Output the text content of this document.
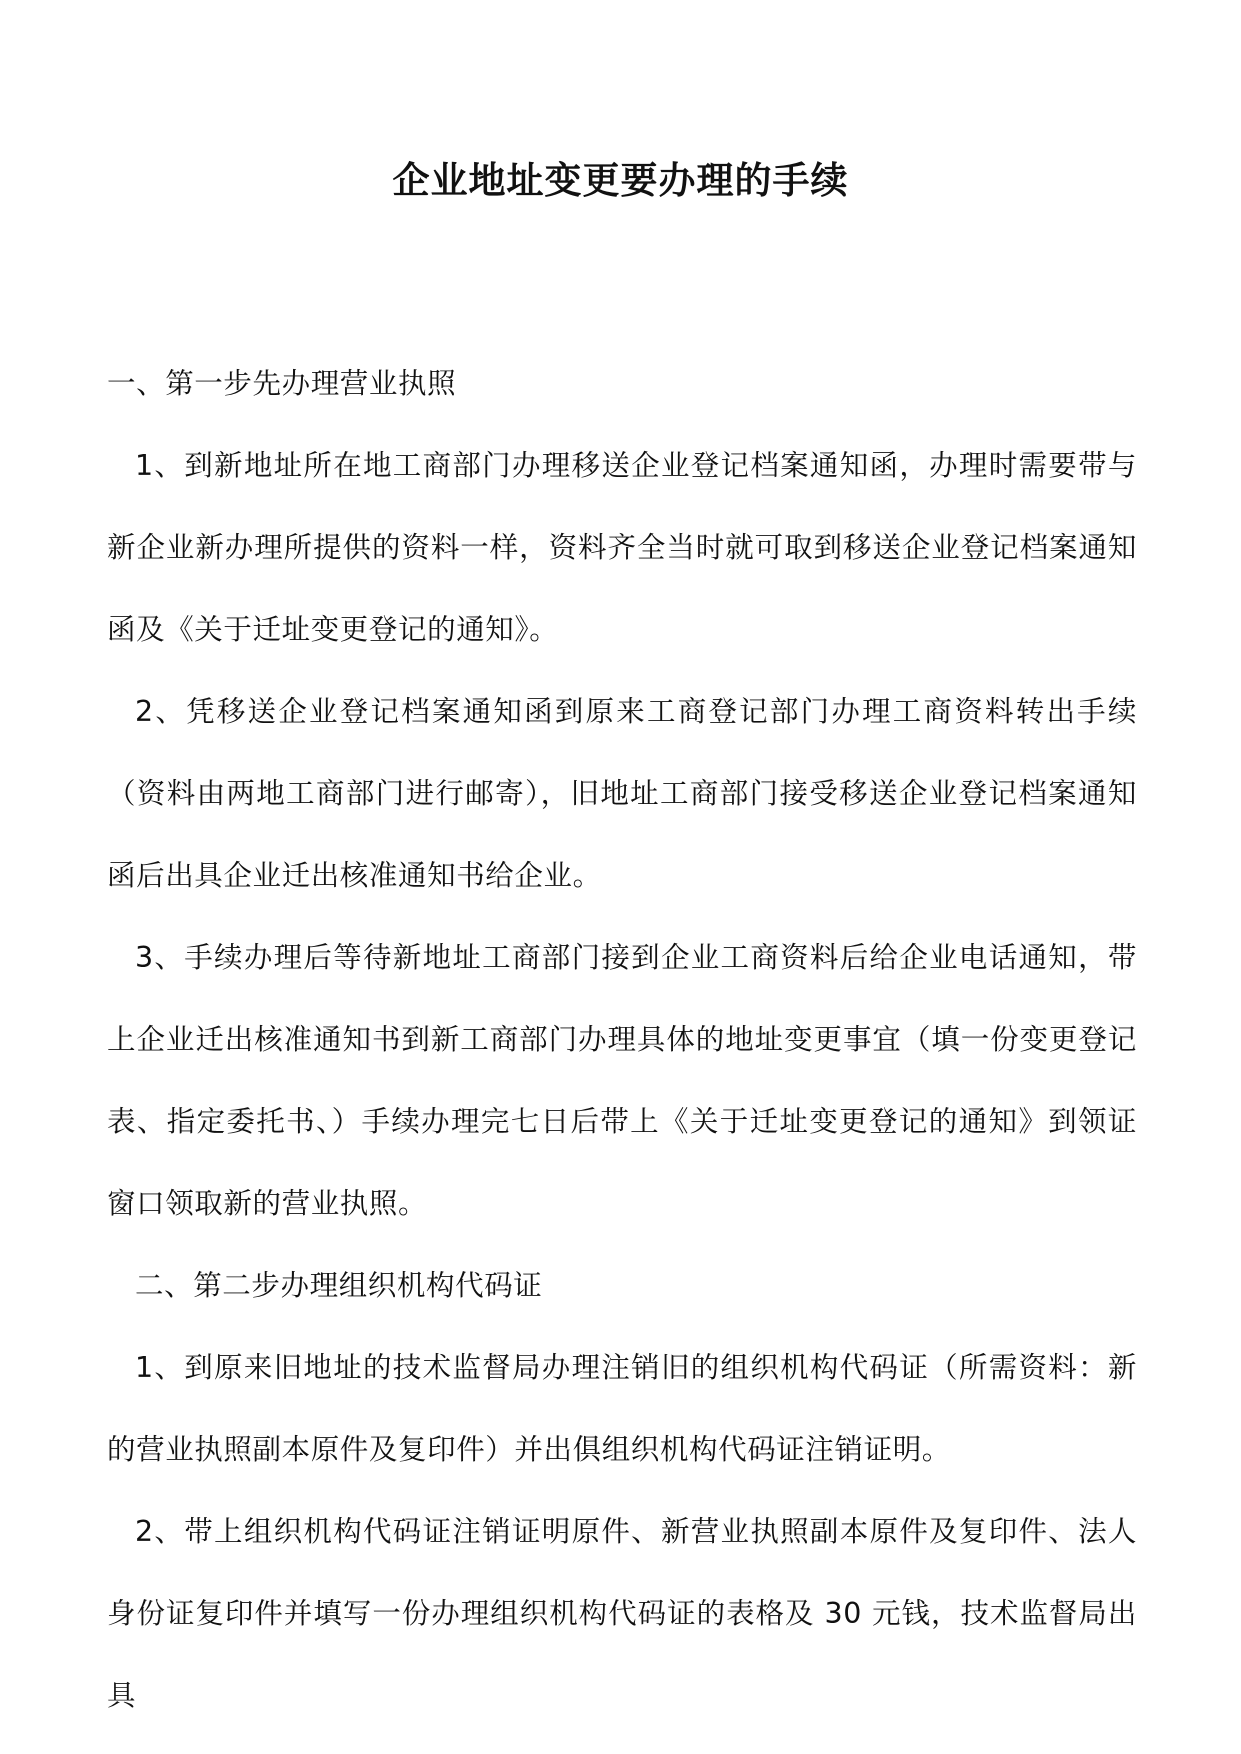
企业地址变更要办理的手续

一、第一步先办理营业执照

1、到新地址所在地工商部门办理移送企业登记档案通知函，办理时需要带与新企业新办理所提供的资料一样，资料齐全当时就可取到移送企业登记档案通知函及《关于迁址变更登记的通知》。

2、凭移送企业登记档案通知函到原来工商登记部门办理工商资料转出手续（资料由两地工商部门进行邮寄），旧地址工商部门接受移送企业登记档案通知函后出具企业迁出核准通知书给企业。

3、手续办理后等待新地址工商部门接到企业工商资料后给企业电话通知，带上企业迁出核准通知书到新工商部门办理具体的地址变更事宜（填一份变更登记表、指定委托书、）手续办理完七日后带上《关于迁址变更登记的通知》到领证窗口领取新的营业执照。

二、第二步办理组织机构代码证

1、到原来旧地址的技术监督局办理注销旧的组织机构代码证（所需资料：新的营业执照副本原件及复印件）并出俱组织机构代码证注销证明。

2、带上组织机构代码证注销证明原件、新营业执照副本原件及复印件、法人身份证复印件并填写一份办理组织机构代码证的表格及 30 元钱，技术监督局出具
